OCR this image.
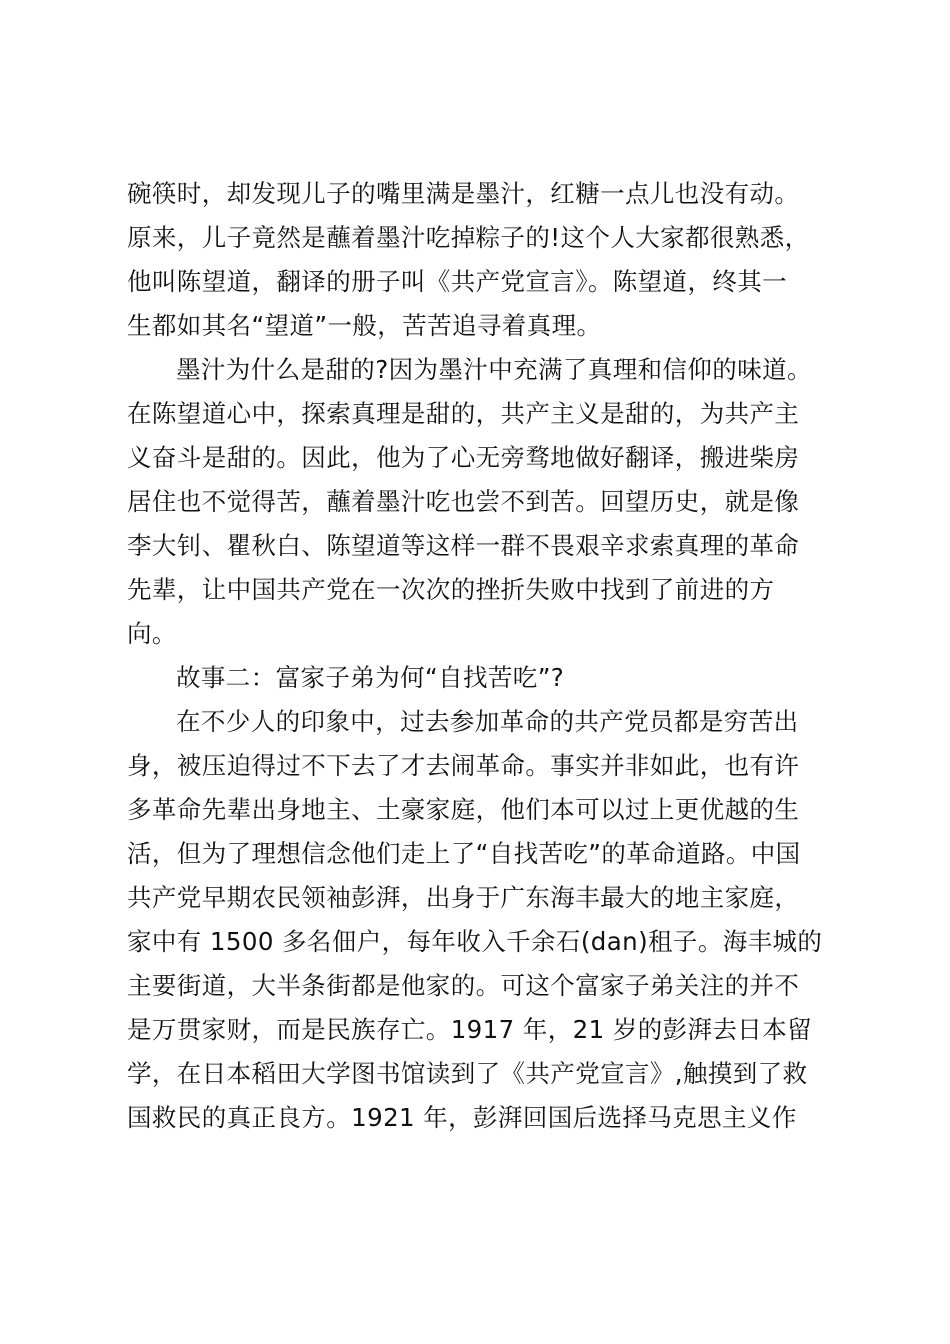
碗筷时，却发现儿子的嘴里满是墨汁，红糖一点儿也没有动。
原来，儿子竟然是蘸着墨汁吃掉粽子的!这个人大家都很熟悉，
他叫陈望道，翻译的册子叫《共产党宣言》。陈望道，终其一
生都如其名“望道”一般，苦苦追寻着真理。
墨汁为什么是甜的?因为墨汁中充满了真理和信仰的味道。
在陈望道心中，探索真理是甜的，共产主义是甜的，为共产主
义奋斗是甜的。因此，他为了心无旁骛地做好翻译，搬进柴房
居住也不觉得苦，蘸着墨汁吃也尝不到苦。回望历史，就是像
李大钊、瞿秋白、陈望道等这样一群不畏艰辛求索真理的革命
先辈，让中国共产党在一次次的挫折失败中找到了前进的方
向。
故事二：富家子弟为何“自找苦吃”?
在不少人的印象中，过去参加革命的共产党员都是穷苦出
身，被压迫得过不下去了才去闹革命。事实并非如此，也有许
多革命先辈出身地主、土豪家庭，他们本可以过上更优越的生
活，但为了理想信念他们走上了“自找苦吃”的革命道路。中国
共产党早期农民领袖彭湃，出身于广东海丰最大的地主家庭，
家中有 1500 多名佃户，每年收入千余石(dan)租子。海丰城的
主要街道，大半条街都是他家的。可这个富家子弟关注的并不
是万贯家财，而是民族存亡。1917 年，21 岁的彭湃去日本留
学，在日本稻田大学图书馆读到了《共产党宣言》,触摸到了救
国救民的真正良方。1921 年，彭湃回国后选择马克思主义作
